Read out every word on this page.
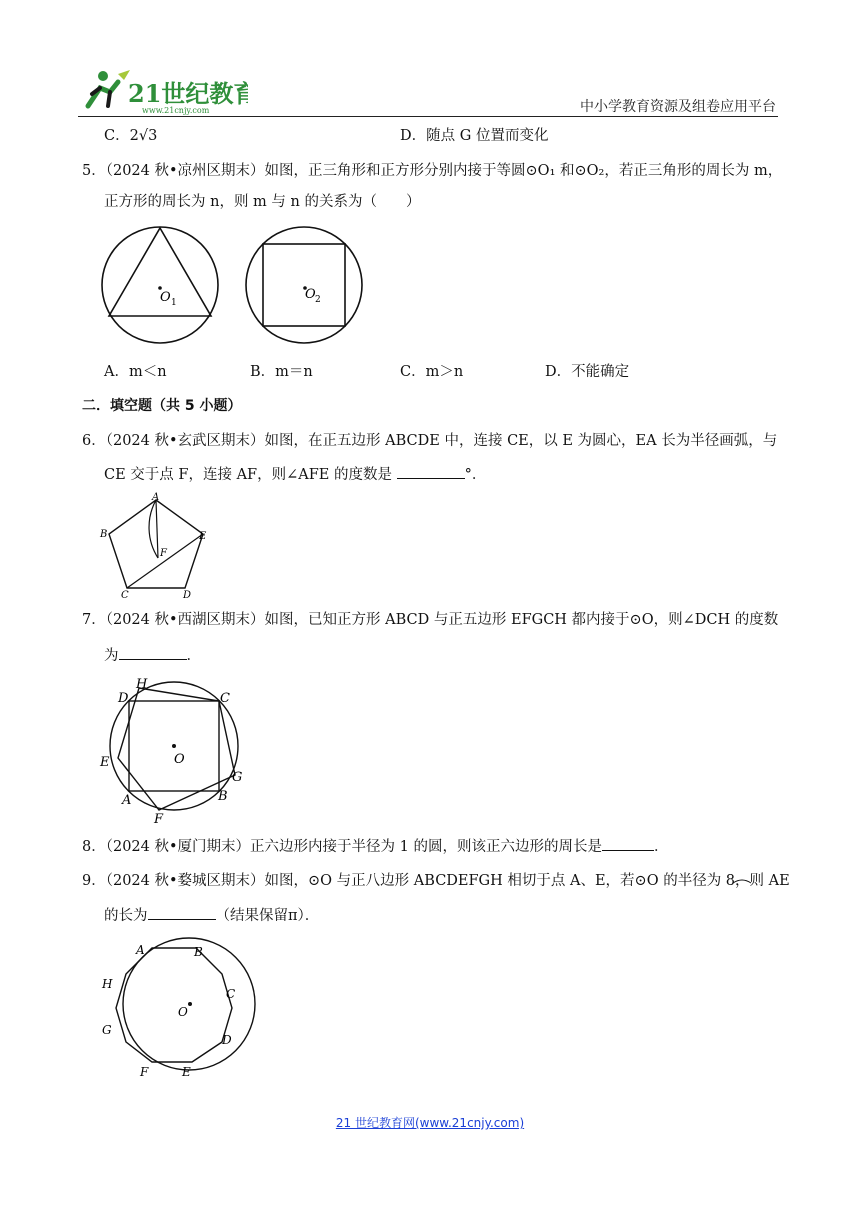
21世纪教育
www.21cnjy.com	中小学教育资源及组卷应用平台
C．2√3	D．随点 G 位置而变化
5．（2024 秋•凉州区期末）如图，正三角形和正方形分别内接于等圆⊙O₁ 和⊙O₂，若正三角形的周长为 m，
正方形的周长为 n，则 m 与 n 的关系为（　　）
O 1
O 2
A．m＜n	B．m＝n	C．m＞n	D．不能确定
二．填空题（共 5 小题）
6．（2024 秋•玄武区期末）如图，在正五边形 ABCDE 中，连接 CE，以 E 为圆心，EA 长为半径画弧，与
CE 交于点 F，连接 AF，则∠AFE 的度数是	°．
A
B	E
F
C	D
7．（2024 秋•西湖区期末）如图，已知正方形 ABCD 与正五边形 EFGCH 都内接于⊙O，则∠DCH 的度数
为	．
O
H
D	C
E
G
A	B
F
8．（2024 秋•厦门期末）正六边形内接于半径为 1 的圆，则该正六边形的周长是	．
9．（2024 秋•婺城区期末）如图，⊙O 与正八边形 ABCDEFGH 相切于点 A、E，若⊙O 的半径为 8，则 AE
的长为	（结果保留π）．
O
A	B
C
D
E
F
G
H
21 世纪教育网(www.21cnjy.com)
